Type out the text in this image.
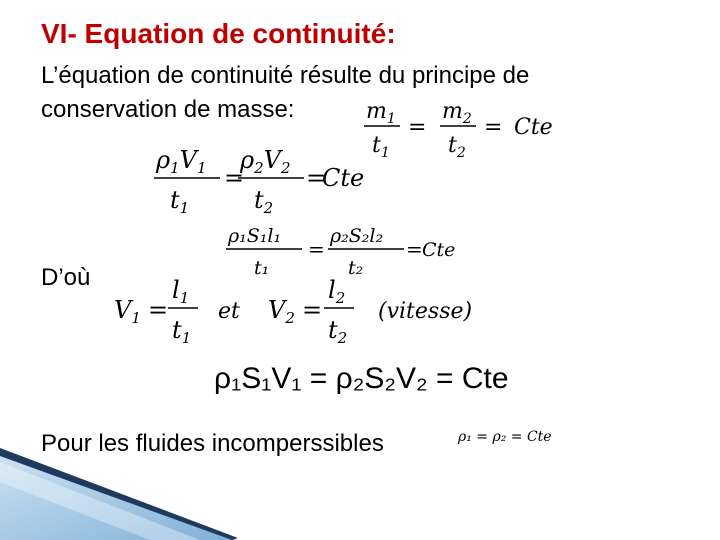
VI- Equation de continuité:
L’équation de continuité résulte du principe de
conservation de masse:	$m_1$
$t_1$
=
$m_2$
$t_2$
= Cte
$\rho_1V_1$
$t_1$
=
$\rho_2V_2$
$t_2$
=
Cte
ρ₁S₁l₁
t₁
=
ρ₂S₂l₂
t₂
= Cte
D’où
$V_1$ =
$l_1$
$t_1$
et $V_2$ =
$l_2$
$t_2$
(vitesse)
ρ₁S₁V₁ = ρ₂S₂V₂ = Cte
Pour les fluides incomperssibles	ρ₁ = ρ₂ = Cte
